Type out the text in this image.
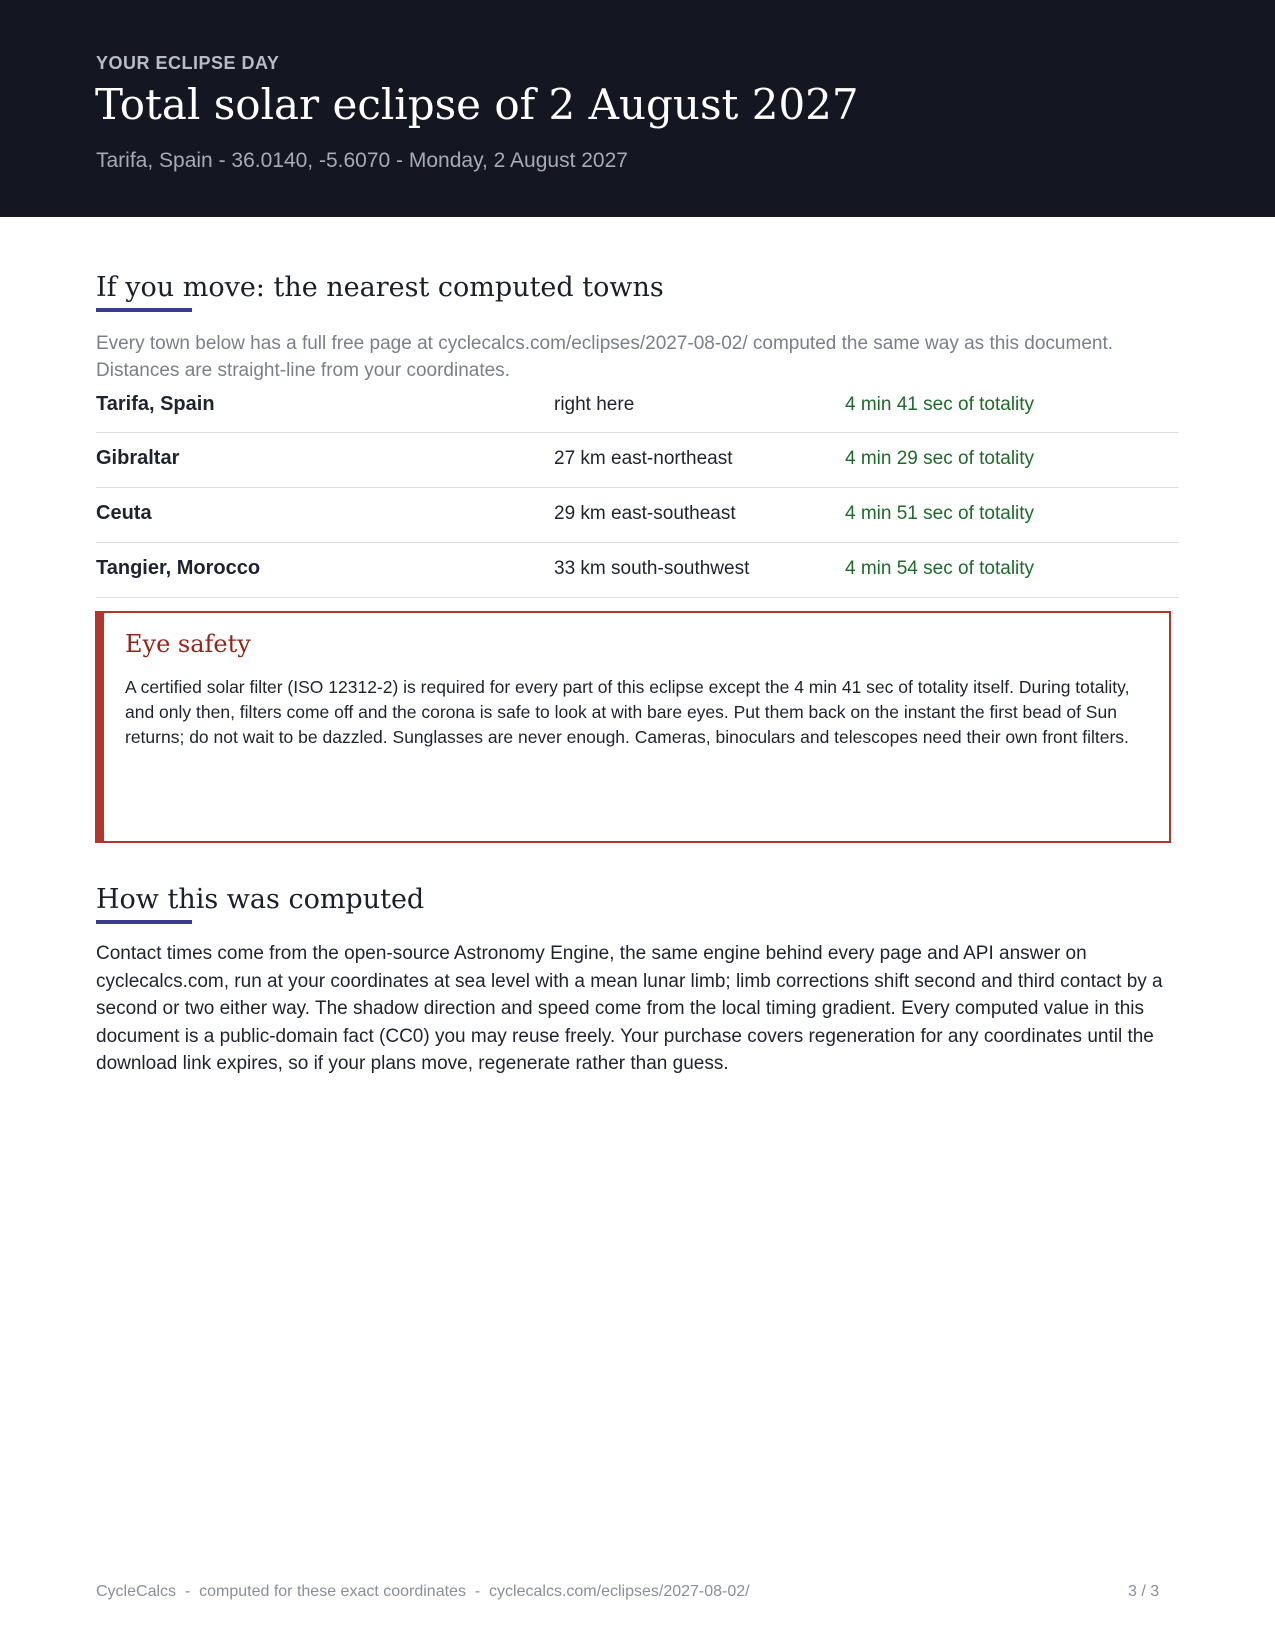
YOUR ECLIPSE DAY
Total solar eclipse of 2 August 2027
Tarifa, Spain - 36.0140, -5.6070 - Monday, 2 August 2027
If you move: the nearest computed towns
Every town below has a full free page at cyclecalcs.com/eclipses/2027-08-02/ computed the same way as this document. Distances are straight-line from your coordinates.
Tarifa, Spain	right here	4 min 41 sec of totality
Gibraltar	27 km east-northeast	4 min 29 sec of totality
Ceuta	29 km east-southeast	4 min 51 sec of totality
Tangier, Morocco	33 km south-southwest	4 min 54 sec of totality
Eye safety
A certified solar filter (ISO 12312-2) is required for every part of this eclipse except the 4 min 41 sec of totality itself. During totality, and only then, filters come off and the corona is safe to look at with bare eyes. Put them back on the instant the first bead of Sun returns; do not wait to be dazzled. Sunglasses are never enough. Cameras, binoculars and telescopes need their own front filters.
How this was computed
Contact times come from the open-source Astronomy Engine, the same engine behind every page and API answer on cyclecalcs.com, run at your coordinates at sea level with a mean lunar limb; limb corrections shift second and third contact by a second or two either way. The shadow direction and speed come from the local timing gradient. Every computed value in this document is a public-domain fact (CC0) you may reuse freely. Your purchase covers regeneration for any coordinates until the download link expires, so if your plans move, regenerate rather than guess.
CycleCalcs  -  computed for these exact coordinates  -  cyclecalcs.com/eclipses/2027-08-02/	3 / 3
